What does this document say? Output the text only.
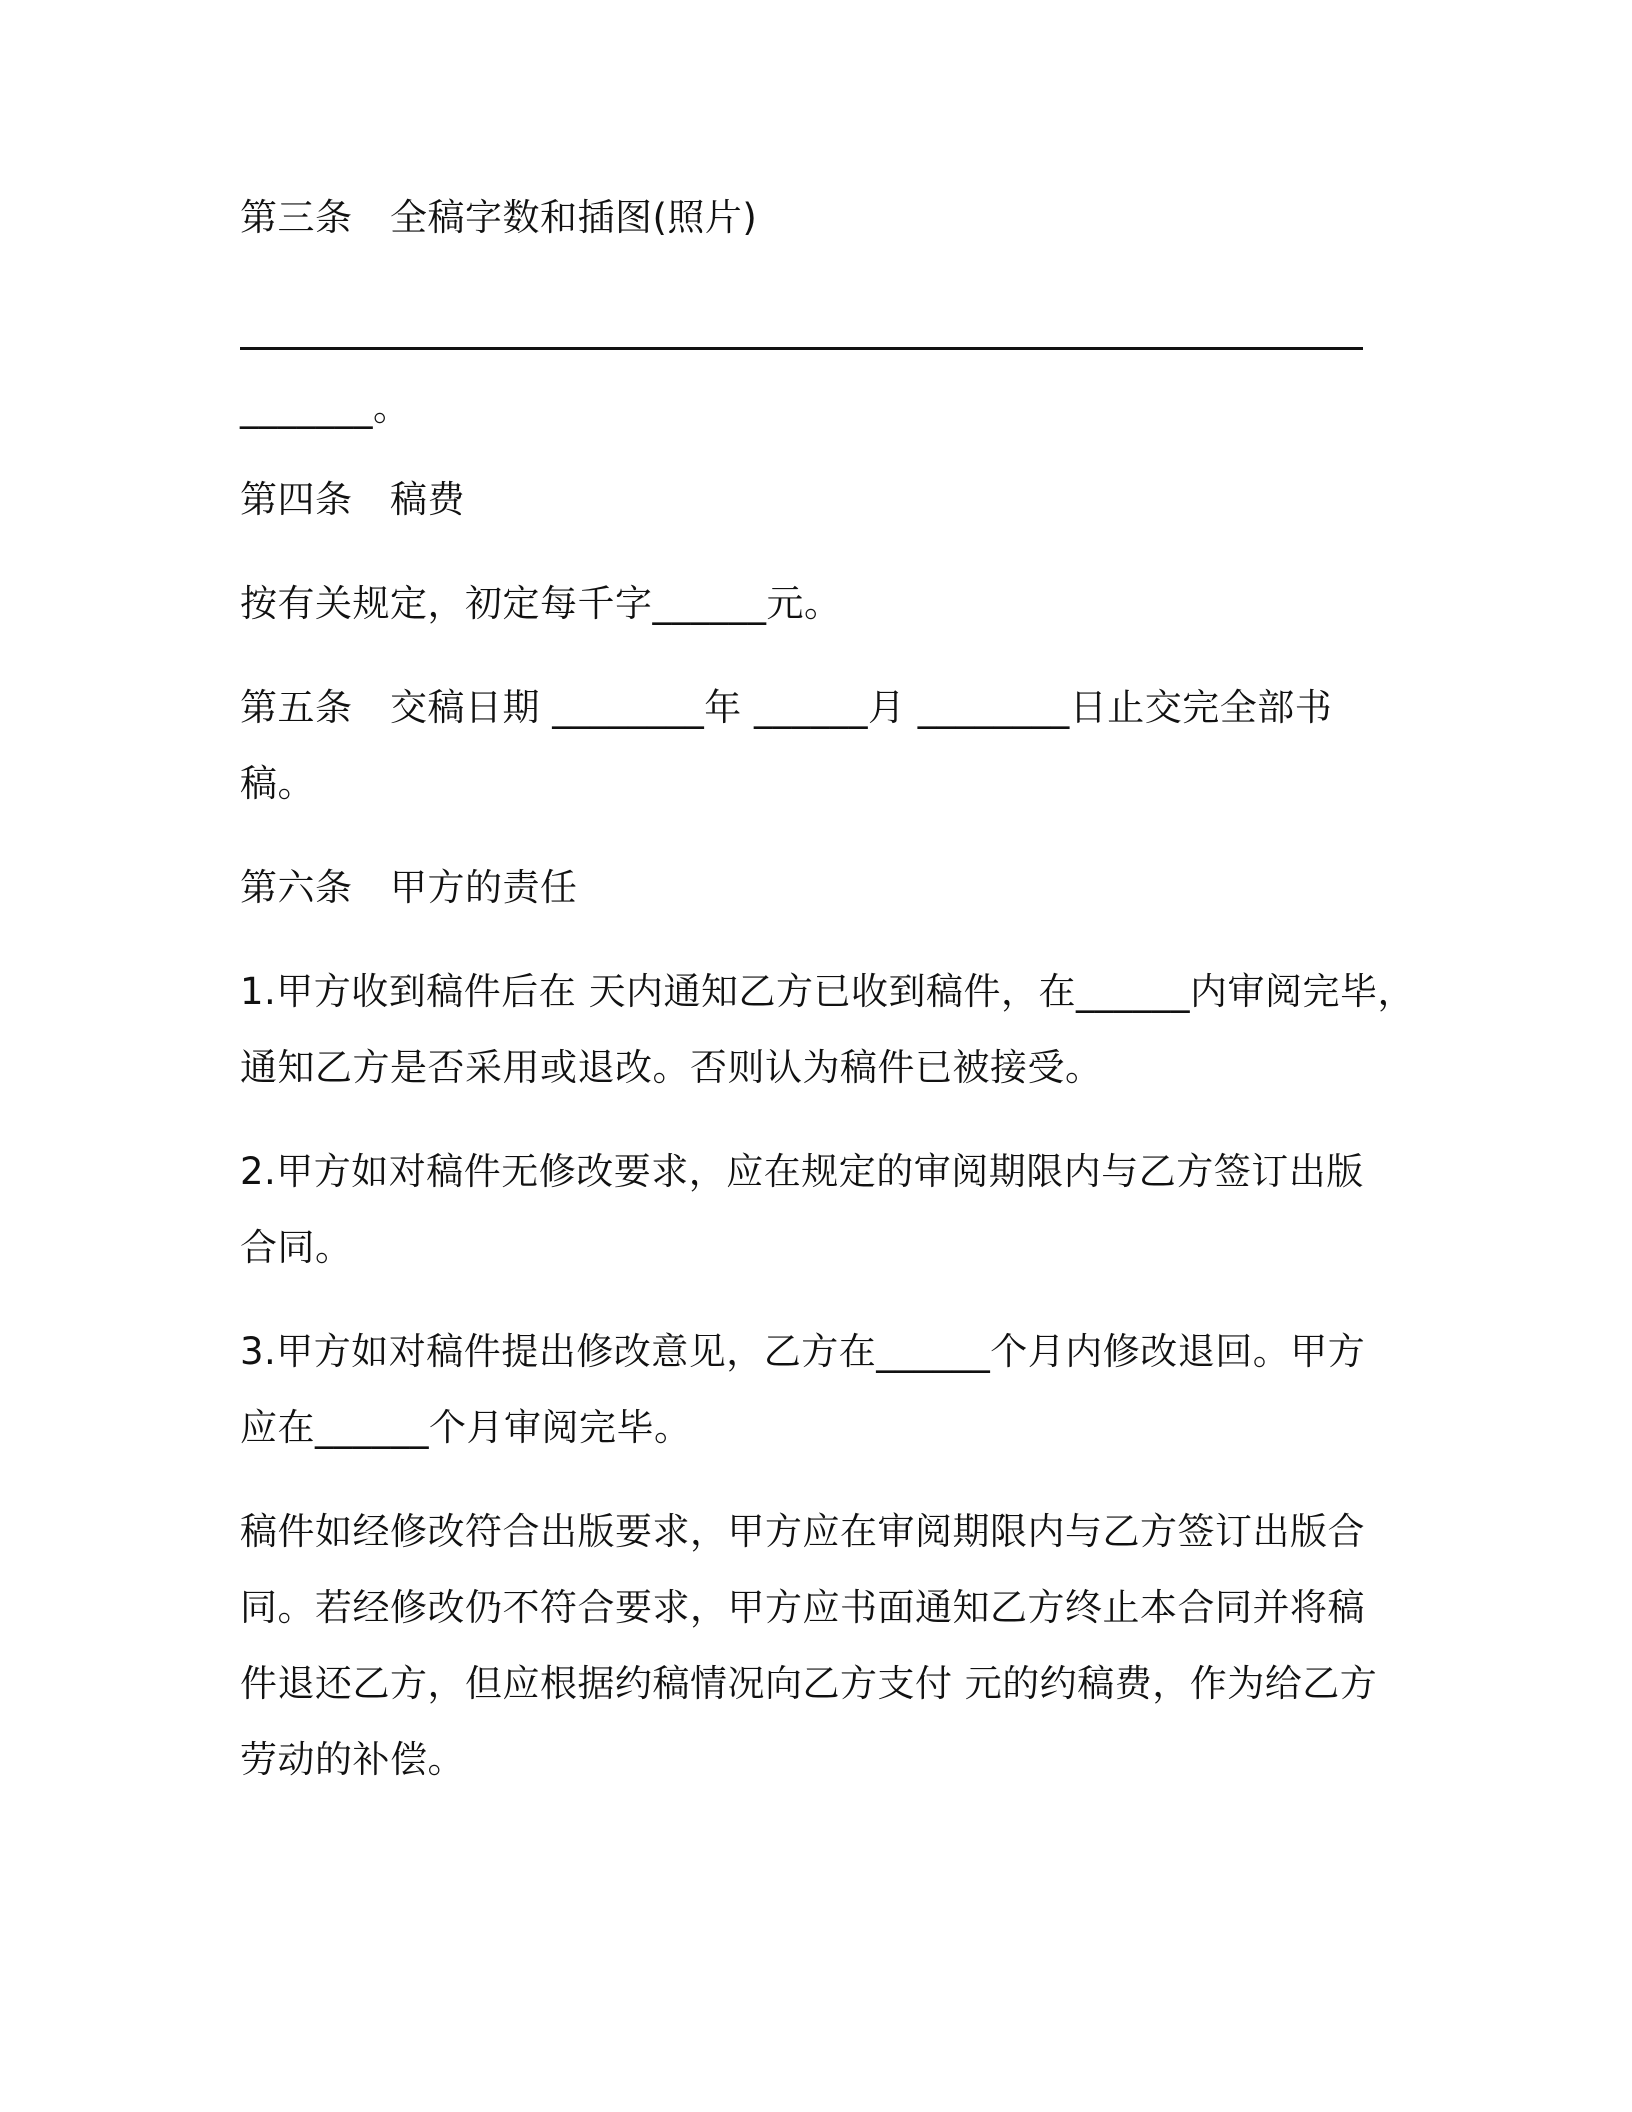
第三条　全稿字数和插图(照片)
_______。
第四条　稿费
按有关规定，初定每千字______元。
第五条　交稿日期 ________年 ______月 ________日止交完全部书
稿。
第六条　甲方的责任
1.甲方收到稿件后在 天内通知乙方已收到稿件，在______内审阅完毕，
通知乙方是否采用或退改。否则认为稿件已被接受。
2.甲方如对稿件无修改要求，应在规定的审阅期限内与乙方签订出版
合同。
3.甲方如对稿件提出修改意见，乙方在______个月内修改退回。甲方
应在______个月审阅完毕。
稿件如经修改符合出版要求，甲方应在审阅期限内与乙方签订出版合
同。若经修改仍不符合要求，甲方应书面通知乙方终止本合同并将稿
件退还乙方，但应根据约稿情况向乙方支付 元的约稿费，作为给乙方
劳动的补偿。
